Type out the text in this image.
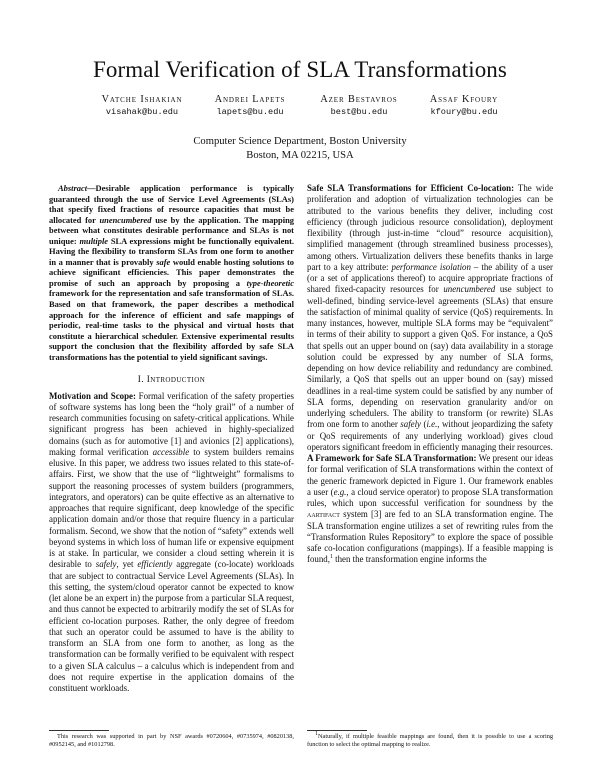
Formal Verification of SLA Transformations
Vatche Ishakian
visahak@bu.edu
Andrei Lapets
lapets@bu.edu
Azer Bestavros
best@bu.edu
Assaf Kfoury
kfoury@bu.edu
Computer Science Department, Boston University
Boston, MA 02215, USA

Abstract—Desirable application performance is typically guaranteed through the use of Service Level Agreements (SLAs) that specify fixed fractions of resource capacities that must be allocated for unencumbered use by the application. The mapping between what constitutes desirable performance and SLAs is not unique: multiple SLA expressions might be functionally equivalent. Having the flexibility to transform SLAs from one form to another in a manner that is provably safe would enable hosting solutions to achieve significant efficiencies. This paper demonstrates the promise of such an approach by proposing a type-theoretic framework for the representation and safe transformation of SLAs. Based on that framework, the paper describes a methodical approach for the inference of efficient and safe mappings of periodic, real-time tasks to the physical and virtual hosts that constitute a hierarchical scheduler. Extensive experimental results support the conclusion that the flexibility afforded by safe SLA transformations has the potential to yield significant savings.

I. Introduction

Motivation and Scope: Formal verification of the safety properties of software systems has long been the “holy grail” of a number of research communities focusing on safety-critical applications. While significant progress has been achieved in highly-specialized domains (such as for automotive [1] and avionics [2] applications), making formal verification accessible to system builders remains elusive. In this paper, we address two issues related to this state-of-affairs. First, we show that the use of “lightweight” formalisms to support the reasoning processes of system builders (programmers, integrators, and operators) can be quite effective as an alternative to approaches that require significant, deep knowledge of the specific application domain and/or those that require fluency in a particular formalism. Second, we show that the notion of “safety” extends well beyond systems in which loss of human life or expensive equipment is at stake. In particular, we consider a cloud setting wherein it is desirable to safely, yet efficiently aggregate (co-locate) workloads that are subject to contractual Service Level Agreements (SLAs). In this setting, the system/cloud operator cannot be expected to know (let alone be an expert in) the purpose from a particular SLA request, and thus cannot be expected to arbitrarily modify the set of SLAs for efficient co-location purposes. Rather, the only degree of freedom that such an operator could be assumed to have is the ability to transform an SLA from one form to another, as long as the transformation can be formally verified to be equivalent with respect to a given SLA calculus – a calculus which is independent from and does not require expertise in the application domains of the constituent workloads.

Safe SLA Transformations for Efficient Co-location: The wide proliferation and adoption of virtualization technologies can be attributed to the various benefits they deliver, including cost efficiency (through judicious resource consolidation), deployment flexibility (through just-in-time “cloud” resource acquisition), simplified management (through streamlined business processes), among others. Virtualization delivers these benefits thanks in large part to a key attribute: performance isolation – the ability of a user (or a set of applications thereof) to acquire appropriate fractions of shared fixed-capacity resources for unencumbered use subject to well-defined, binding service-level agreements (SLAs) that ensure the satisfaction of minimal quality of service (QoS) requirements. In many instances, however, multiple SLA forms may be “equivalent” in terms of their ability to support a given QoS. For instance, a QoS that spells out an upper bound on (say) data availability in a storage solution could be expressed by any number of SLA forms, depending on how device reliability and redundancy are combined. Similarly, a QoS that spells out an upper bound on (say) missed deadlines in a real-time system could be satisfied by any number of SLA forms, depending on reservation granularity and/or on underlying schedulers. The ability to transform (or rewrite) SLAs from one form to another safely (i.e., without jeopardizing the safety or QoS requirements of any underlying workload) gives cloud operators significant freedom in efficiently managing their resources.

A Framework for Safe SLA Transformation: We present our ideas for formal verification of SLA transformations within the context of the generic framework depicted in Figure 1. Our framework enables a user (e.g., a cloud service operator) to propose SLA transformation rules, which upon successful verification for soundness by the aartifact system [3] are fed to an SLA transformation engine. The SLA transformation engine utilizes a set of rewriting rules from the “Transformation Rules Repository” to explore the space of possible safe co-location configurations (mappings). If a feasible mapping is found,$^1$ then the transformation engine informs the

This research was supported in part by NSF awards #0720604, #0735974, #0820138, #0952145, and #1012798.
$^1$Naturally, if multiple feasible mappings are found, then it is possible to use a scoring function to select the optimal mapping to realize.
